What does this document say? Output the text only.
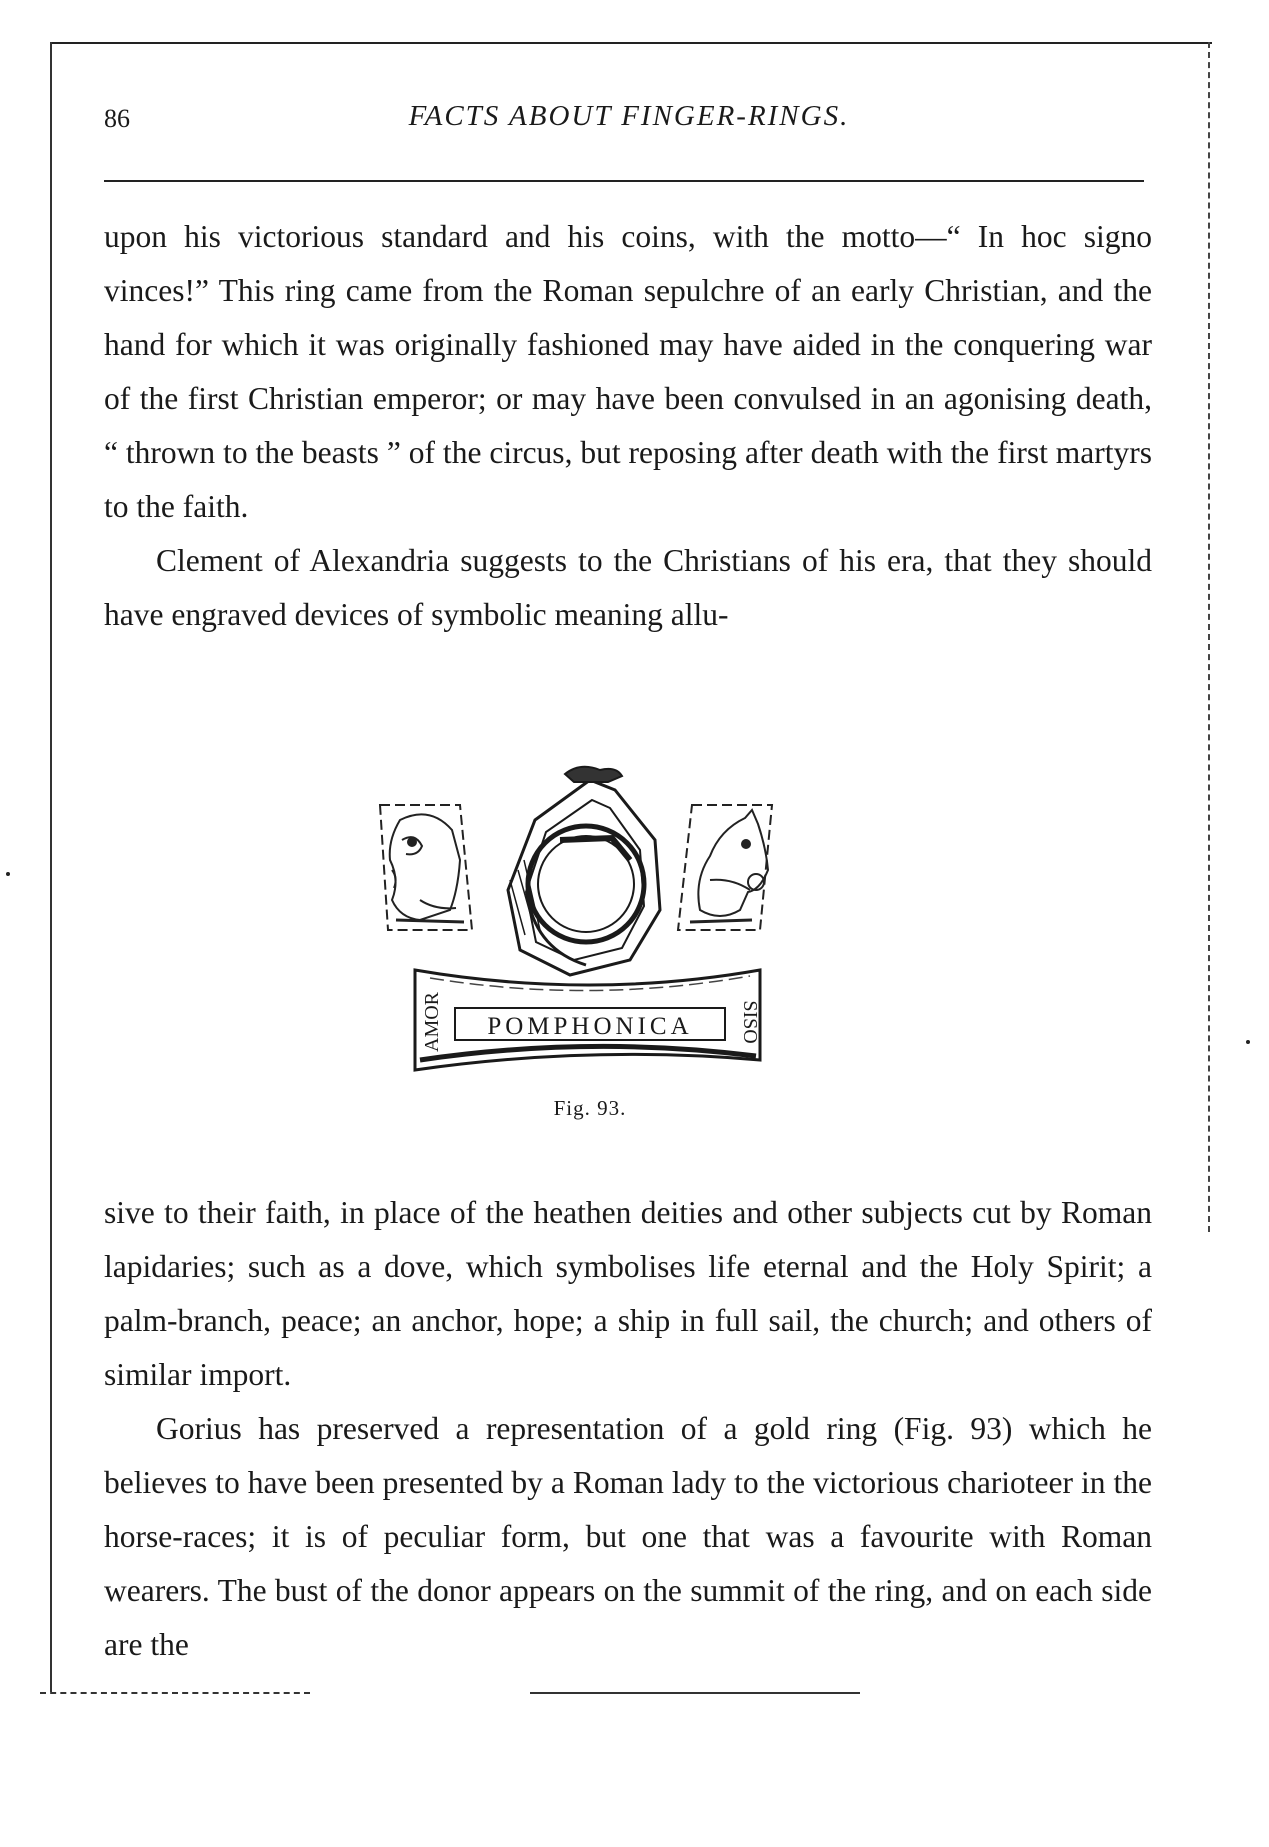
86	FACTS ABOUT FINGER-RINGS.

upon his victorious standard and his coins, with the motto—“ In hoc signo vinces!” This ring came from the Roman sepulchre of an early Christian, and the hand for which it was originally fashioned may have aided in the conquering war of the first Christian emperor; or may have been convulsed in an agonising death, “ thrown to the beasts ” of the circus, but reposing after death with the first martyrs to the faith.

Clement of Alexandria suggests to the Christians of his era, that they should have engraved devices of symbolic meaning allu-

POMPHONICA
AMOR	SISO
Fig. 93.

sive to their faith, in place of the heathen deities and other subjects cut by Roman lapidaries; such as a dove, which symbolises life eternal and the Holy Spirit; a palm-branch, peace; an anchor, hope; a ship in full sail, the church; and others of similar import.

Gorius has preserved a representation of a gold ring (Fig. 93) which he believes to have been presented by a Roman lady to the victorious charioteer in the horse-races; it is of peculiar form, but one that was a favourite with Roman wearers. The bust of the donor appears on the summit of the ring, and on each side are the
